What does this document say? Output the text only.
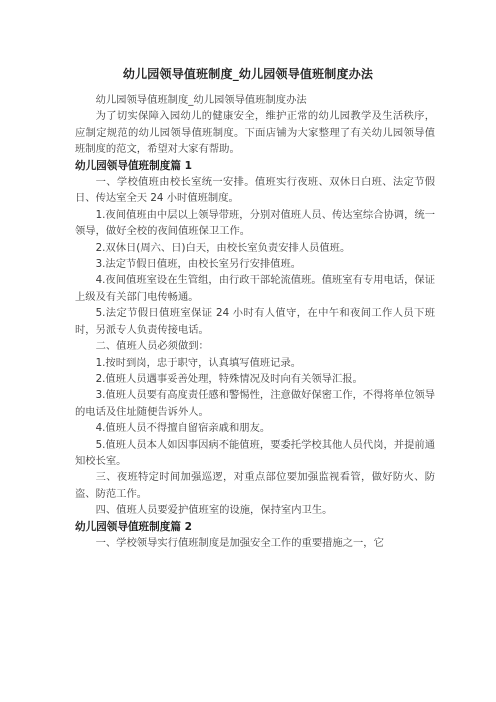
幼儿园领导值班制度_幼儿园领导值班制度办法

幼儿园领导值班制度_幼儿园领导值班制度办法

为了切实保障入园幼儿的健康安全，维护正常的幼儿园教学及生活秩序，应制定规范的幼儿园领导值班制度。下面店铺为大家整理了有关幼儿园领导值班制度的范文，希望对大家有帮助。

幼儿园领导值班制度篇 1

一、学校值班由校长室统一安排。值班实行夜班、双休日白班、法定节假日、传达室全天 24 小时值班制度。

1.夜间值班由中层以上领导带班，分别对值班人员、传达室综合协调，统一领导，做好全校的夜间值班保卫工作。

2.双休日(周六、日)白天，由校长室负责安排人员值班。

3.法定节假日值班，由校长室另行安排值班。

4.夜间值班室设在生管组，由行政干部轮流值班。值班室有专用电话，保证上级及有关部门电传畅通。

5.法定节假日值班室保证 24 小时有人值守，在中午和夜间工作人员下班时，另派专人负责传接电话。

二、值班人员必须做到：

1.按时到岗，忠于职守，认真填写值班记录。

2.值班人员遇事妥善处理，特殊情况及时向有关领导汇报。

3.值班人员要有高度责任感和警惕性，注意做好保密工作，不得将单位领导的电话及住址随便告诉外人。

4.值班人员不得擅自留宿亲戚和朋友。

5.值班人员本人如因事因病不能值班，要委托学校其他人员代岗，并提前通知校长室。

三、夜班特定时间加强巡逻，对重点部位要加强监视看管，做好防火、防盗、防范工作。

四、值班人员要爱护值班室的设施，保持室内卫生。

幼儿园领导值班制度篇 2

一、学校领导实行值班制度是加强安全工作的重要措施之一，它
